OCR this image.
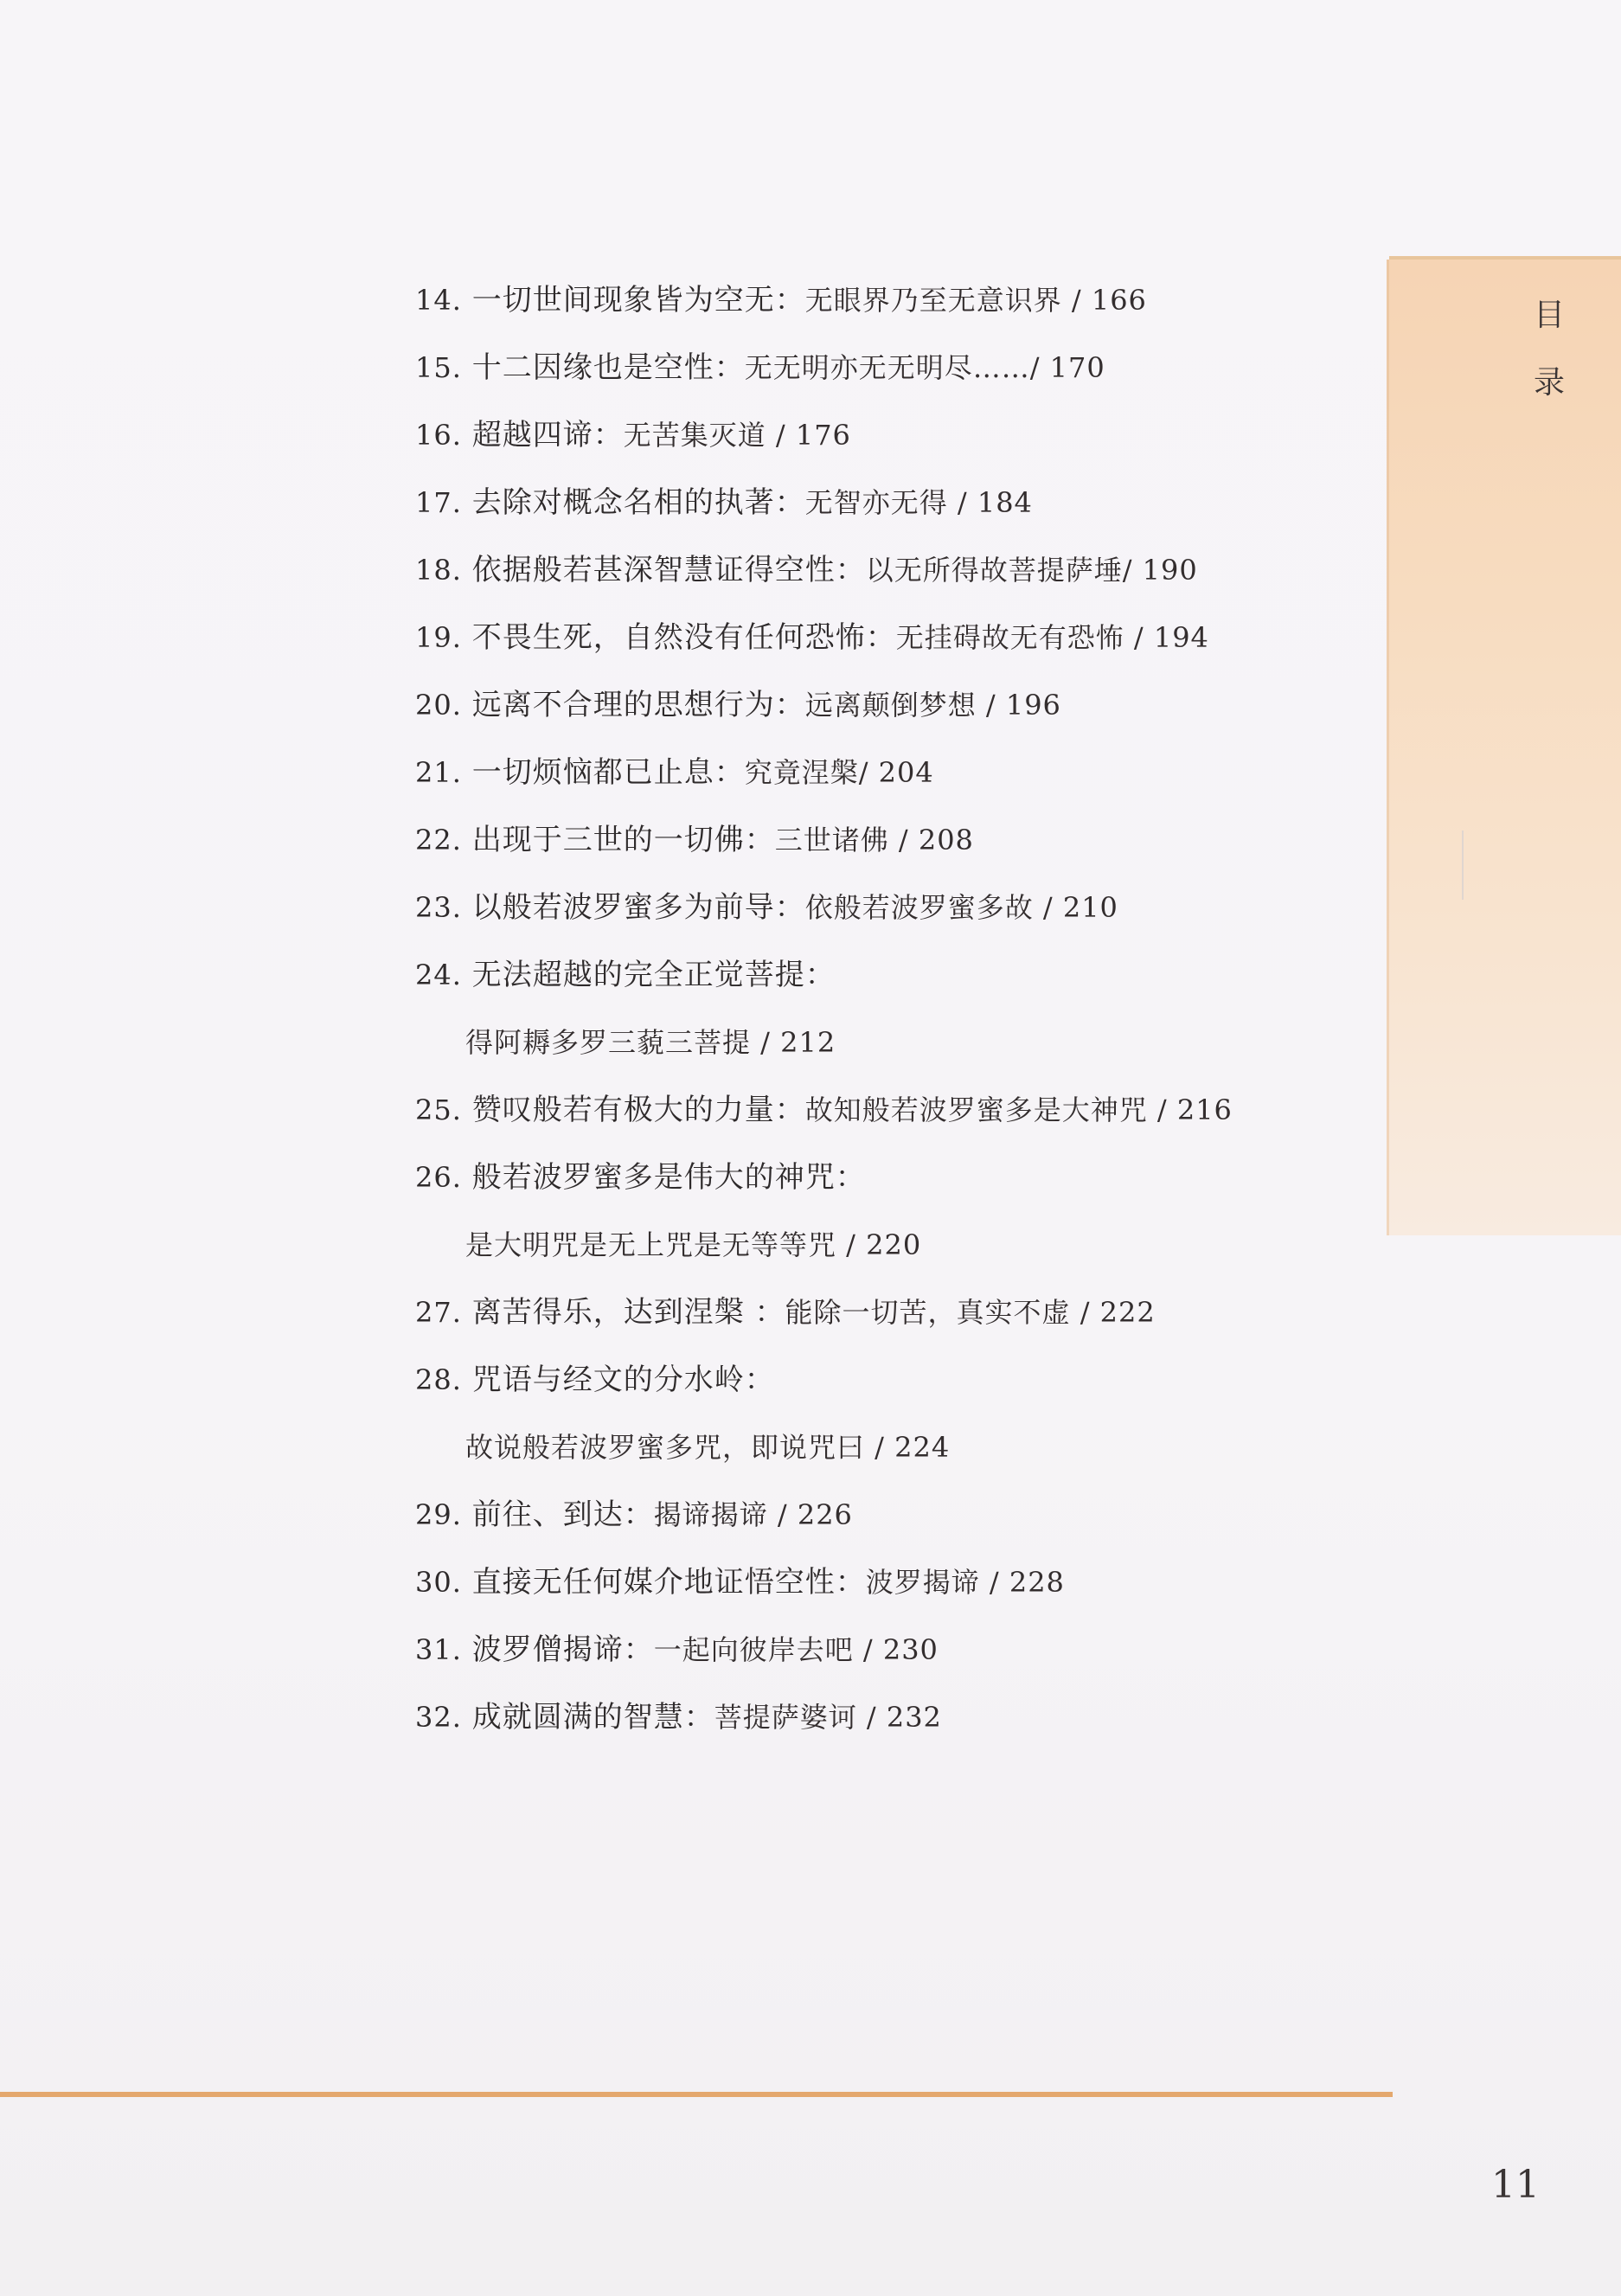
目
录
14. 一切世间现象皆为空无：无眼界乃至无意识界 / 166
15. 十二因缘也是空性：无无明亦无无明尽……/ 170
16. 超越四谛：无苦集灭道 / 176
17. 去除对概念名相的执著：无智亦无得 / 184
18. 依据般若甚深智慧证得空性：以无所得故菩提萨埵/ 190
19. 不畏生死，自然没有任何恐怖：无挂碍故无有恐怖 / 194
20. 远离不合理的思想行为：远离颠倒梦想 / 196
21. 一切烦恼都已止息：究竟涅槃/ 204
22. 出现于三世的一切佛：三世诸佛 / 208
23. 以般若波罗蜜多为前导：依般若波罗蜜多故 / 210
24. 无法超越的完全正觉菩提：
得阿耨多罗三藐三菩提 / 212
25. 赞叹般若有极大的力量：故知般若波罗蜜多是大神咒 / 216
26. 般若波罗蜜多是伟大的神咒：
是大明咒是无上咒是无等等咒 / 220
27. 离苦得乐，达到涅槃 ：能除一切苦，真实不虚 / 222
28. 咒语与经文的分水岭：
故说般若波罗蜜多咒，即说咒曰 / 224
29. 前往、到达：揭谛揭谛 / 226
30. 直接无任何媒介地证悟空性：波罗揭谛 / 228
31. 波罗僧揭谛：一起向彼岸去吧 / 230
32. 成就圆满的智慧：菩提萨婆诃 / 232
11
